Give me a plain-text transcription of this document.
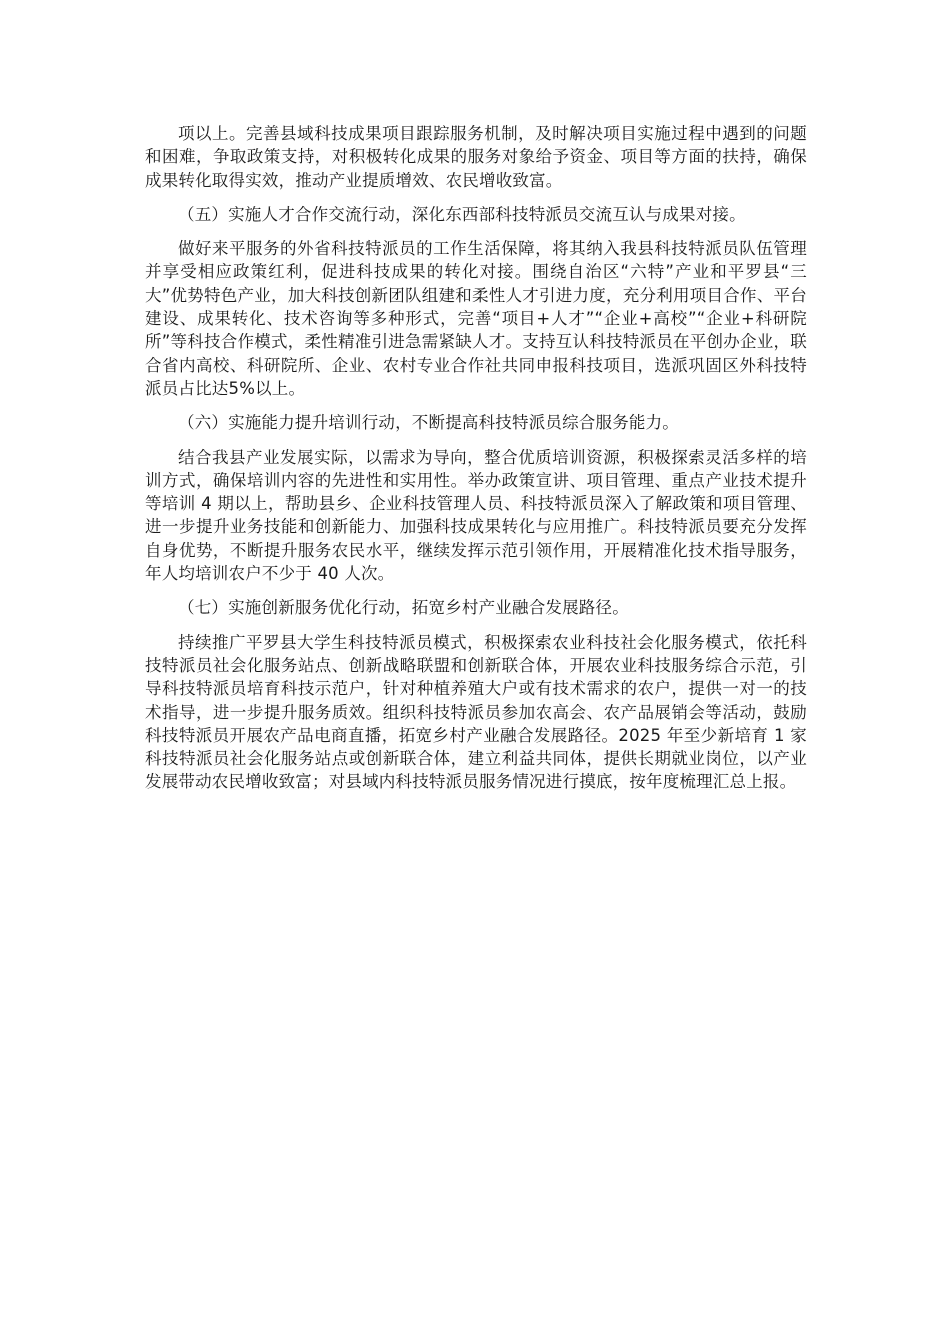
项以上。完善县域科技成果项目跟踪服务机制，及时解决项目实施过程中遇到的问题和困难，争取政策支持，对积极转化成果的服务对象给予资金、项目等方面的扶持，确保成果转化取得实效，推动产业提质增效、农民增收致富。

（五）实施人才合作交流行动，深化东西部科技特派员交流互认与成果对接。

做好来平服务的外省科技特派员的工作生活保障，将其纳入我县科技特派员队伍管理并享受相应政策红利，促进科技成果的转化对接。围绕自治区“六特”产业和平罗县“三大”优势特色产业，加大科技创新团队组建和柔性人才引进力度，充分利用项目合作、平台建设、成果转化、技术咨询等多种形式，完善“项目+人才”“企业+高校”“企业+科研院所”等科技合作模式，柔性精准引进急需紧缺人才。支持互认科技特派员在平创办企业，联合省内高校、科研院所、企业、农村专业合作社共同申报科技项目，选派巩固区外科技特派员占比达5%以上。

（六）实施能力提升培训行动，不断提高科技特派员综合服务能力。

结合我县产业发展实际，以需求为导向，整合优质培训资源，积极探索灵活多样的培训方式，确保培训内容的先进性和实用性。举办政策宣讲、项目管理、重点产业技术提升等培训 4 期以上，帮助县乡、企业科技管理人员、科技特派员深入了解政策和项目管理、进一步提升业务技能和创新能力、加强科技成果转化与应用推广。科技特派员要充分发挥自身优势，不断提升服务农民水平，继续发挥示范引领作用，开展精准化技术指导服务，年人均培训农户不少于 40 人次。

（七）实施创新服务优化行动，拓宽乡村产业融合发展路径。

持续推广平罗县大学生科技特派员模式，积极探索农业科技社会化服务模式，依托科技特派员社会化服务站点、创新战略联盟和创新联合体，开展农业科技服务综合示范，引导科技特派员培育科技示范户，针对种植养殖大户或有技术需求的农户，提供一对一的技术指导，进一步提升服务质效。组织科技特派员参加农高会、农产品展销会等活动，鼓励科技特派员开展农产品电商直播，拓宽乡村产业融合发展路径。2025 年至少新培育 1 家科技特派员社会化服务站点或创新联合体，建立利益共同体，提供长期就业岗位，以产业发展带动农民增收致富；对县域内科技特派员服务情况进行摸底，按年度梳理汇总上报。
